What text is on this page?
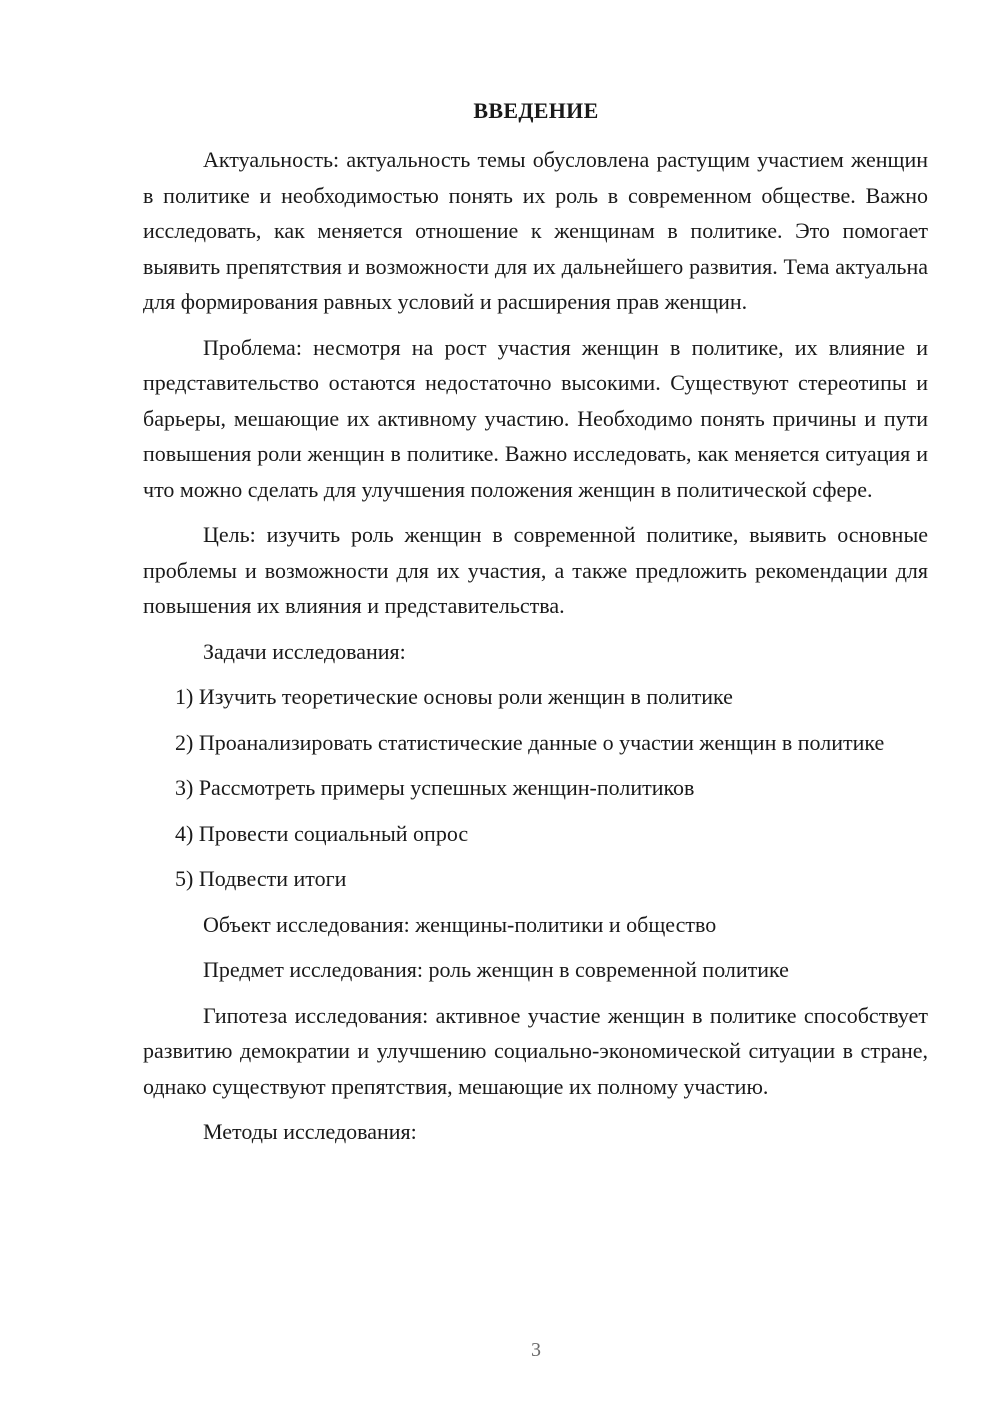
ВВЕДЕНИЕ

Актуальность: актуальность темы обусловлена растущим участием женщин в политике и необходимостью понять их роль в современном обществе. Важно исследовать, как меняется отношение к женщинам в политике. Это помогает выявить препятствия и возможности для их дальнейшего развития. Тема актуальна для формирования равных условий и расширения прав женщин.

Проблема: несмотря на рост участия женщин в политике, их влияние и представительство остаются недостаточно высокими. Существуют стереотипы и барьеры, мешающие их активному участию. Необходимо понять причины и пути повышения роли женщин в политике. Важно исследовать, как меняется ситуация и что можно сделать для улучшения положения женщин в политической сфере.

Цель: изучить роль женщин в современной политике, выявить основные проблемы и возможности для их участия, а также предложить рекомендации для повышения их влияния и представительства.

Задачи исследования:

1) Изучить теоретические основы роли женщин в политике

2) Проанализировать статистические данные о участии женщин в политике

3) Рассмотреть примеры успешных женщин-политиков

4) Провести социальный опрос

5) Подвести итоги

Объект исследования: женщины-политики и общество

Предмет исследования: роль женщин в современной политике

Гипотеза исследования: активное участие женщин в политике способствует развитию демократии и улучшению социально-экономической ситуации в стране, однако существуют препятствия, мешающие их полному участию.

Методы исследования:

3
